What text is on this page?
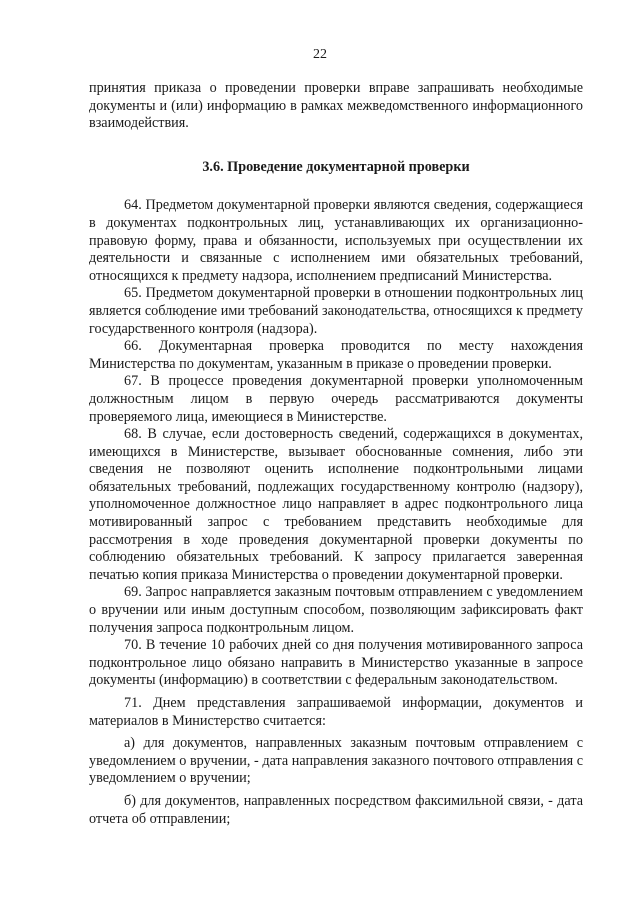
22

принятия приказа о проведении проверки вправе запрашивать необходимые документы и (или) информацию в рамках межведомственного информационного взаимодействия.

3.6. Проведение документарной проверки

64. Предметом документарной проверки являются сведения, содержащиеся в документах подконтрольных лиц, устанавливающих их организационно-правовую форму, права и обязанности, используемых при осуществлении их деятельности и связанные с исполнением ими обязательных требований, относящихся к предмету надзора, исполнением предписаний Министерства.

65. Предметом документарной проверки в отношении подконтрольных лиц является соблюдение ими требований законодательства, относящихся к предмету государственного контроля (надзора).

66. Документарная проверка проводится по месту нахождения Министерства по документам, указанным в приказе о проведении проверки.

67. В процессе проведения документарной проверки уполномоченным должностным лицом в первую очередь рассматриваются документы проверяемого лица, имеющиеся в Министерстве.

68. В случае, если достоверность сведений, содержащихся в документах, имеющихся в Министерстве, вызывает обоснованные сомнения, либо эти сведения не позволяют оценить исполнение подконтрольными лицами обязательных требований, подлежащих государственному контролю (надзору), уполномоченное должностное лицо направляет в адрес подконтрольного лица мотивированный запрос с требованием представить необходимые для рассмотрения в ходе проведения документарной проверки документы по соблюдению обязательных требований. К запросу прилагается заверенная печатью копия приказа Министерства о проведении документарной проверки.

69. Запрос направляется заказным почтовым отправлением с уведомлением о вручении или иным доступным способом, позволяющим зафиксировать факт получения запроса подконтрольным лицом.

70. В течение 10 рабочих дней со дня получения мотивированного запроса подконтрольное лицо обязано направить в Министерство указанные в запросе документы (информацию) в соответствии с федеральным законодательством.

71. Днем представления запрашиваемой информации, документов и материалов в Министерство считается:

а) для документов, направленных заказным почтовым отправлением с уведомлением о вручении, - дата направления заказного почтового отправления с уведомлением о вручении;

б) для документов, направленных посредством факсимильной связи, - дата отчета об отправлении;
